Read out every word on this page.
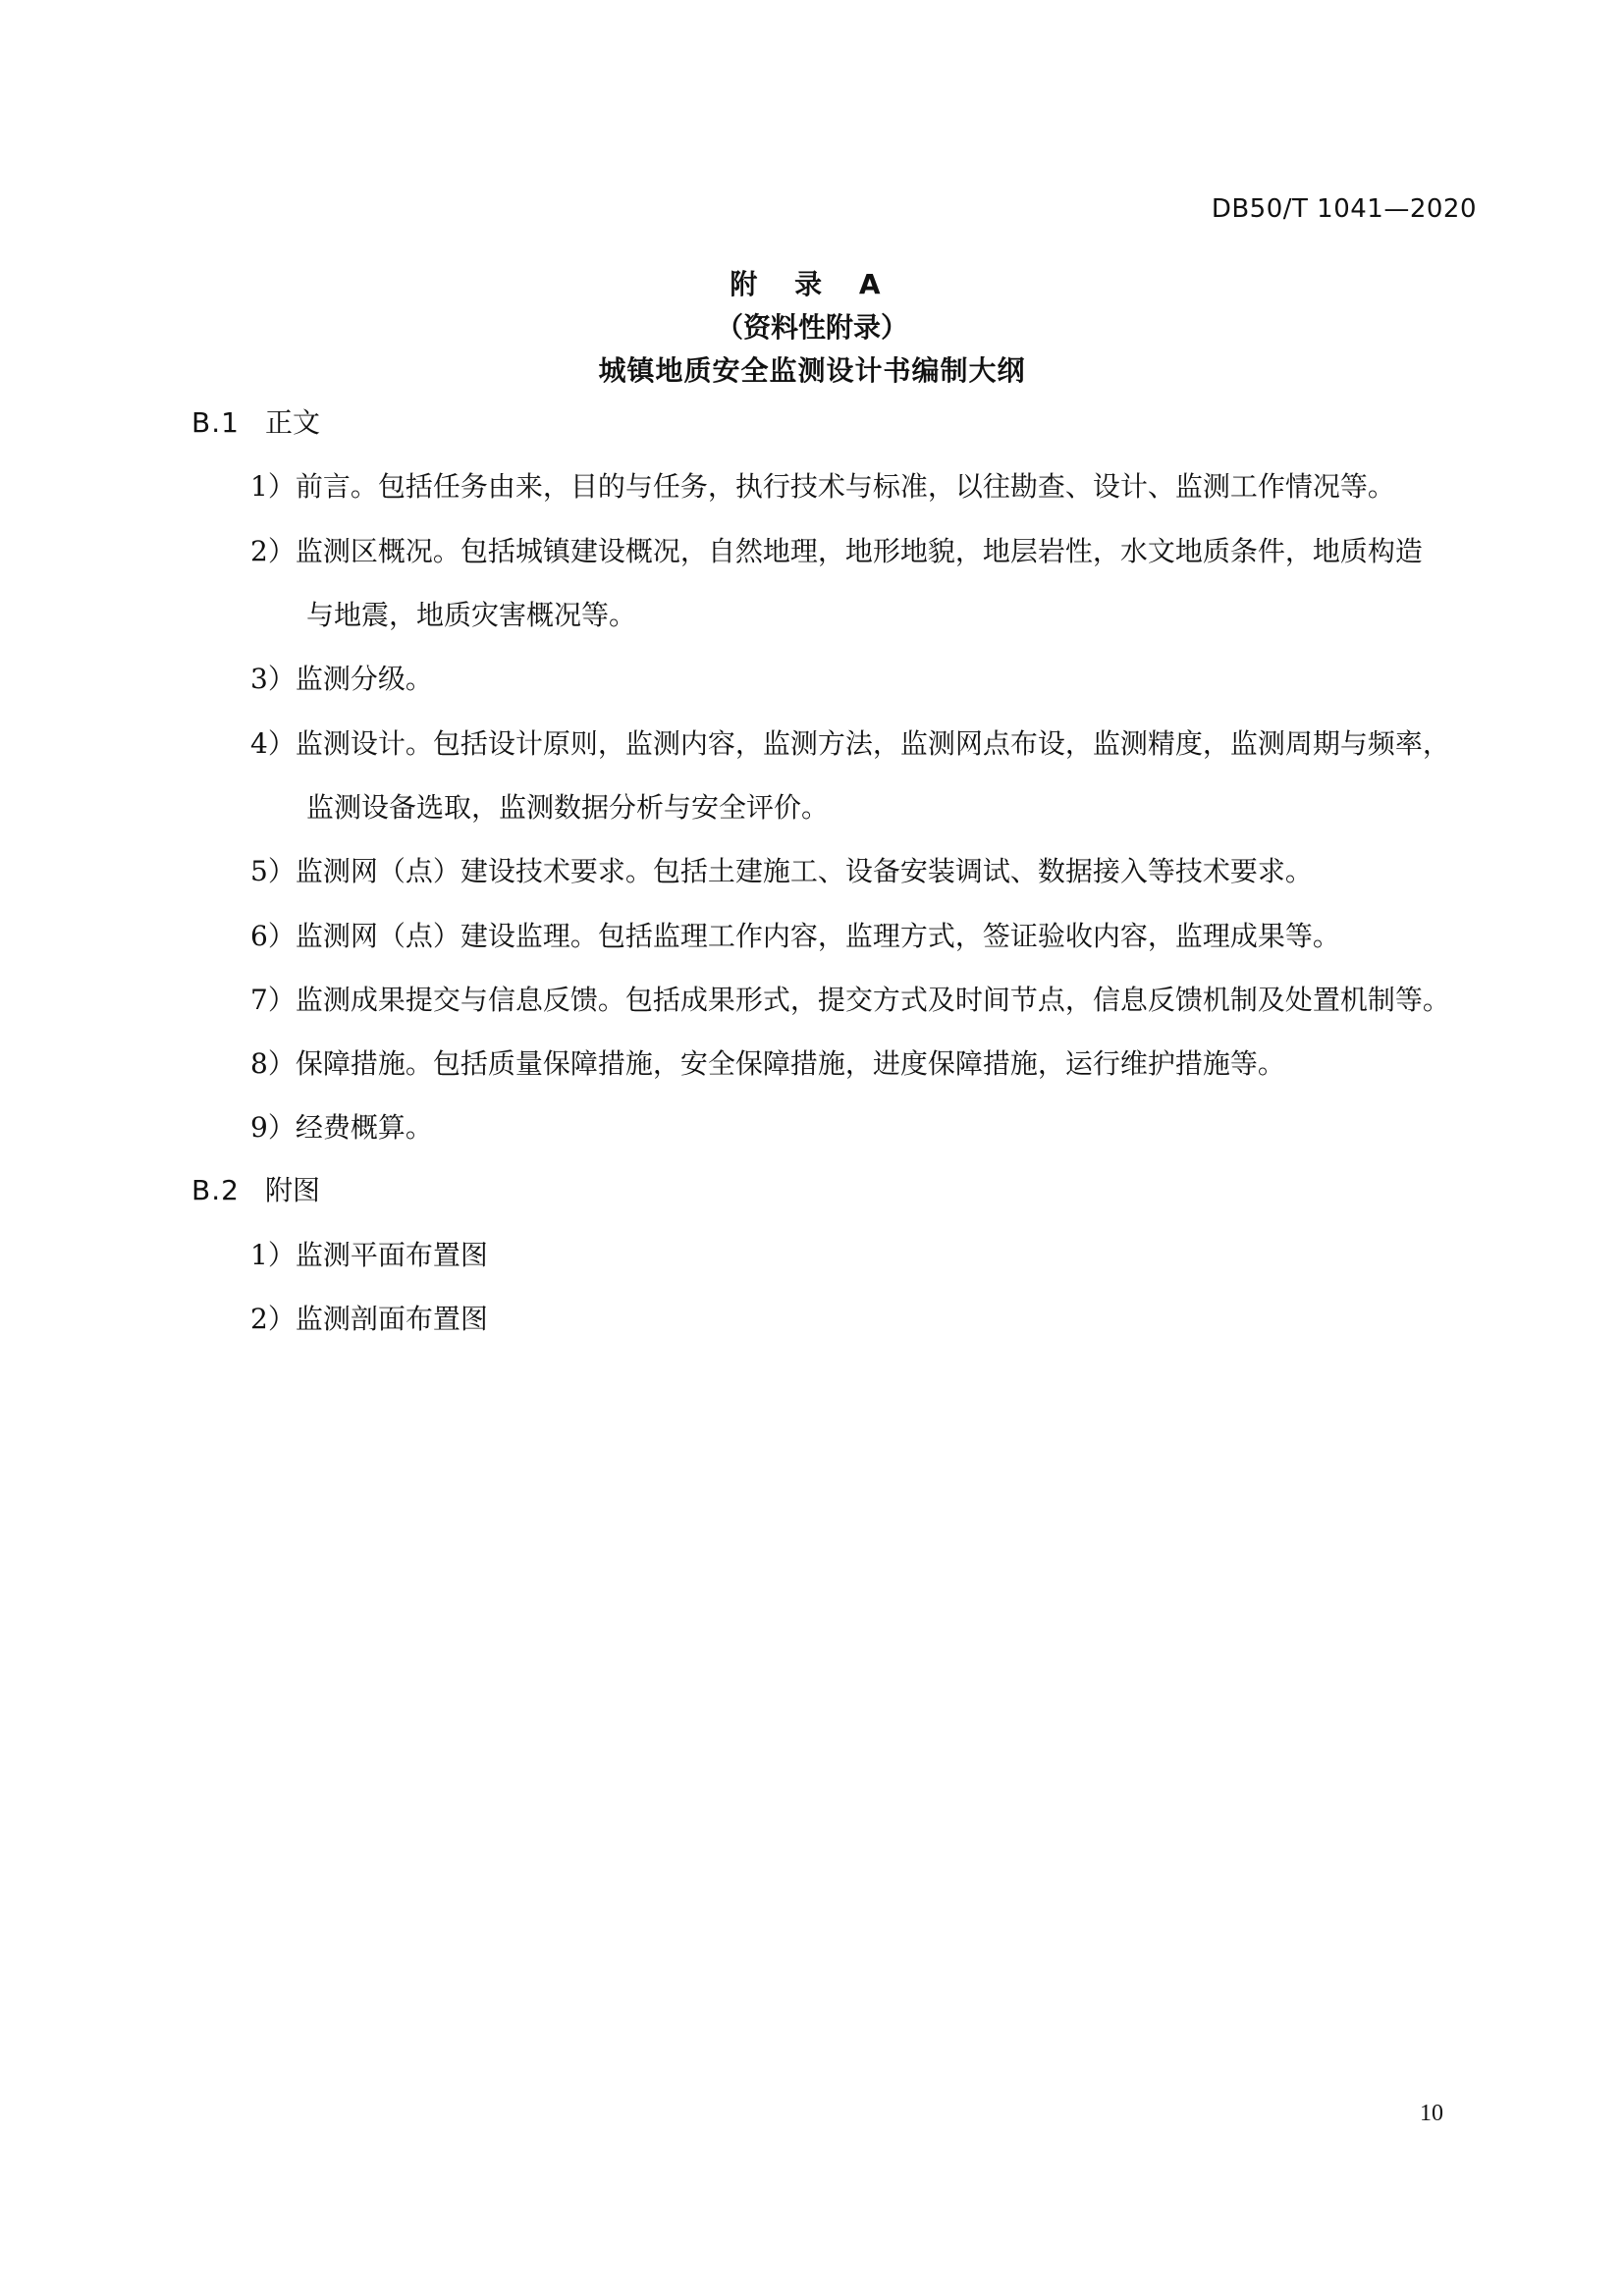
DB50/T 1041—2020
附 录 A
（资料性附录）
城镇地质安全监测设计书编制大纲
B.1 正文
1）前言。包括任务由来，目的与任务，执行技术与标准，以往勘查、设计、监测工作情况等。
2）监测区概况。包括城镇建设概况，自然地理，地形地貌，地层岩性，水文地质条件，地质构造
与地震，地质灾害概况等。
3）监测分级。
4）监测设计。包括设计原则，监测内容，监测方法，监测网点布设，监测精度，监测周期与频率，
监测设备选取，监测数据分析与安全评价。
5）监测网（点）建设技术要求。包括土建施工、设备安装调试、数据接入等技术要求。
6）监测网（点）建设监理。包括监理工作内容，监理方式，签证验收内容，监理成果等。
7）监测成果提交与信息反馈。包括成果形式，提交方式及时间节点，信息反馈机制及处置机制等。
8）保障措施。包括质量保障措施，安全保障措施，进度保障措施，运行维护措施等。
9）经费概算。
B.2 附图
1）监测平面布置图
2）监测剖面布置图
10
